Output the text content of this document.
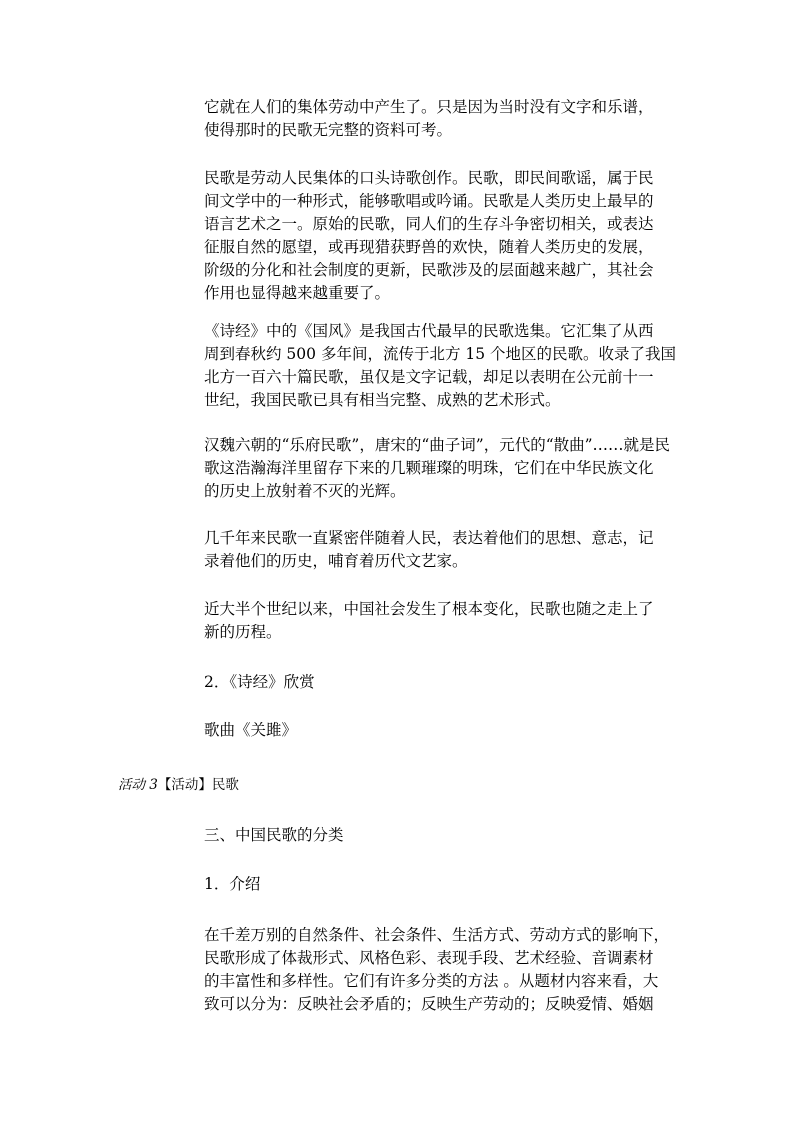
它就在人们的集体劳动中产生了。只是因为当时没有文字和乐谱，
使得那时的民歌无完整的资料可考。

民歌是劳动人民集体的口头诗歌创作。民歌，即民间歌谣，属于民
间文学中的一种形式，能够歌唱或吟诵。民歌是人类历史上最早的
语言艺术之一。原始的民歌，同人们的生存斗争密切相关，或表达
征服自然的愿望，或再现猎获野兽的欢快，随着人类历史的发展，
阶级的分化和社会制度的更新，民歌涉及的层面越来越广，其社会
作用也显得越来越重要了。

《诗经》中的《国风》是我国古代最早的民歌选集。它汇集了从西
周到春秋约 500 多年间，流传于北方 15 个地区的民歌。收录了我国
北方一百六十篇民歌，虽仅是文字记载，却足以表明在公元前十一
世纪，我国民歌已具有相当完整、成熟的艺术形式。

汉魏六朝的“乐府民歌”，唐宋的“曲子词”，元代的“散曲”……就是民
歌这浩瀚海洋里留存下来的几颗璀璨的明珠，它们在中华民族文化
的历史上放射着不灭的光辉。

几千年来民歌一直紧密伴随着人民，表达着他们的思想、意志，记
录着他们的历史，哺育着历代文艺家。

近大半个世纪以来，中国社会发生了根本变化，民歌也随之走上了
新的历程。

2．《诗经》欣赏

歌曲《关雎》

活动 3【活动】民歌

三、中国民歌的分类

1．介绍

在千差万别的自然条件、社会条件、生活方式、劳动方式的影响下，
民歌形成了体裁形式、风格色彩、表现手段、艺术经验、音调素材
的丰富性和多样性。它们有许多分类的方法 。从题材内容来看，大
致可以分为：反映社会矛盾的；反映生产劳动的；反映爱情、婚姻
